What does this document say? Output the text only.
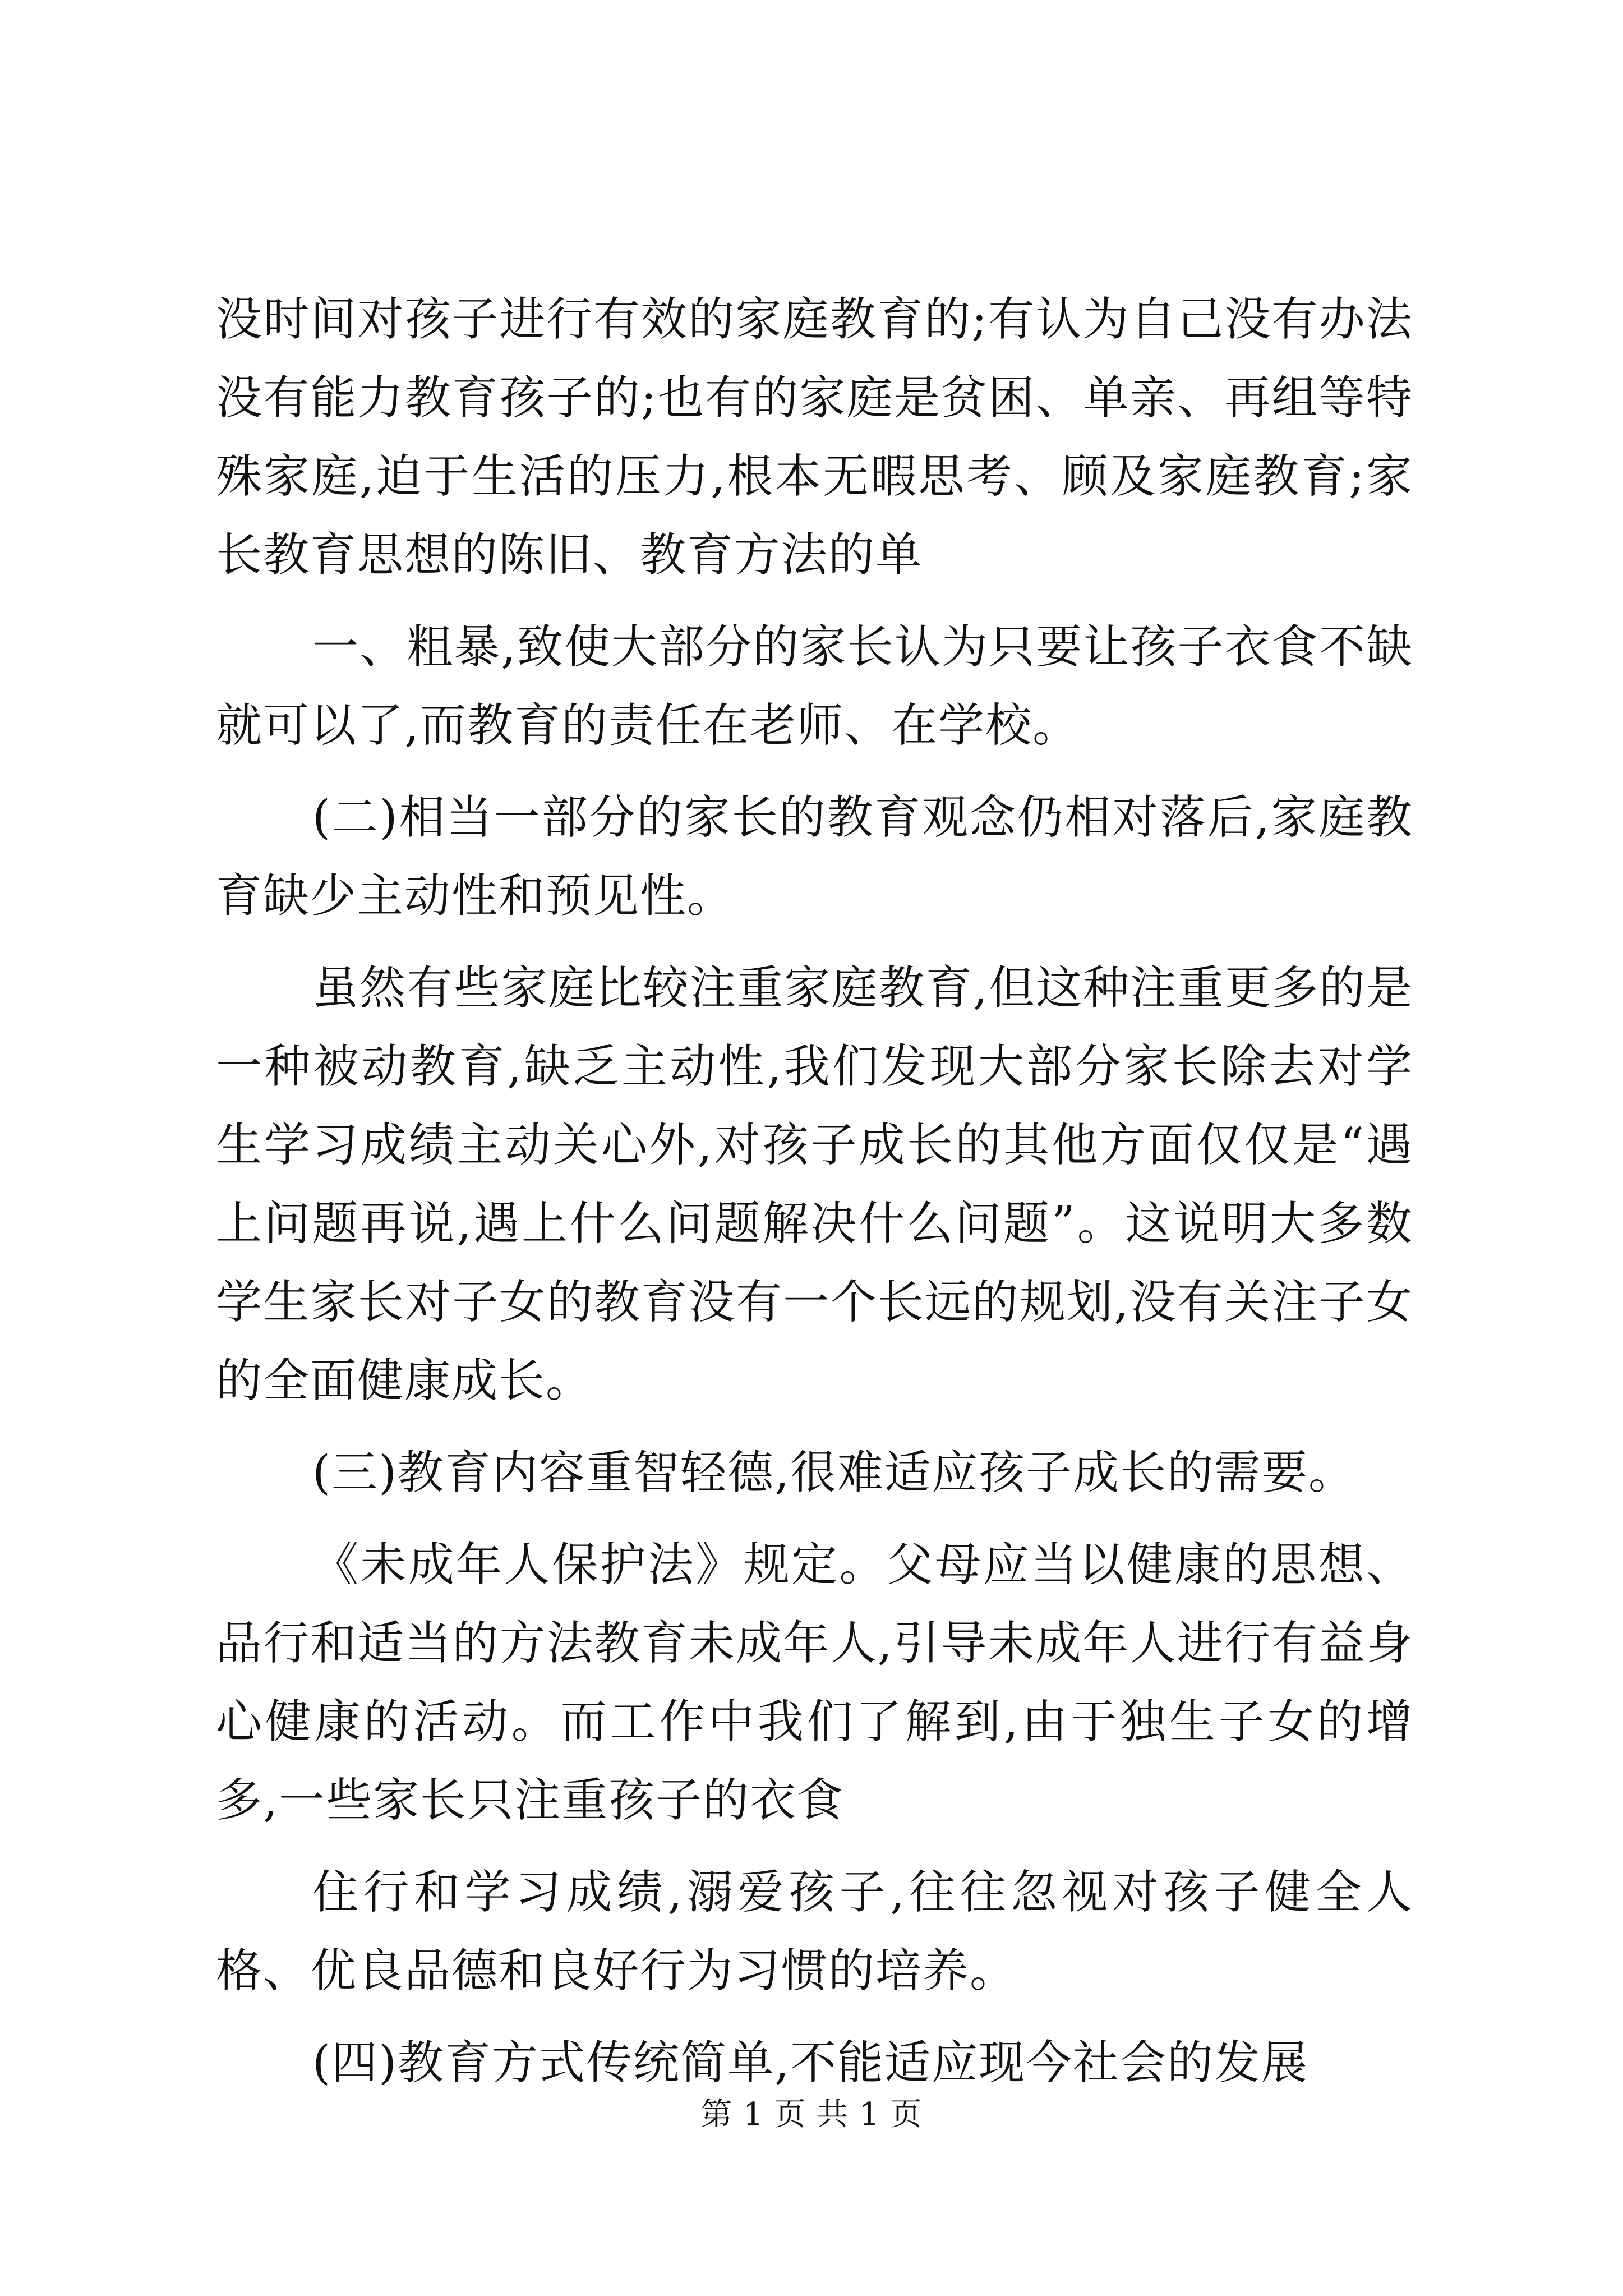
没时间对孩子进行有效的家庭教育的;有认为自己没有办法没有能力教育孩子的;也有的家庭是贫困、单亲、再组等特殊家庭,迫于生活的压力,根本无暇思考、顾及家庭教育;家长教育思想的陈旧、教育方法的单

一、粗暴,致使大部分的家长认为只要让孩子衣食不缺就可以了,而教育的责任在老师、在学校。

(二)相当一部分的家长的教育观念仍相对落后,家庭教育缺少主动性和预见性。

虽然有些家庭比较注重家庭教育,但这种注重更多的是一种被动教育,缺乏主动性,我们发现大部分家长除去对学生学习成绩主动关心外,对孩子成长的其他方面仅仅是“遇上问题再说,遇上什么问题解决什么问题”。这说明大多数学生家长对子女的教育没有一个长远的规划,没有关注子女的全面健康成长。

(三)教育内容重智轻德,很难适应孩子成长的需要。

《未成年人保护法》规定。父母应当以健康的思想、品行和适当的方法教育未成年人,引导未成年人进行有益身心健康的活动。而工作中我们了解到,由于独生子女的增多,一些家长只注重孩子的衣食

住行和学习成绩,溺爱孩子,往往忽视对孩子健全人格、优良品德和良好行为习惯的培养。

(四)教育方式传统简单,不能适应现今社会的发展

第 1 页 共 1 页
